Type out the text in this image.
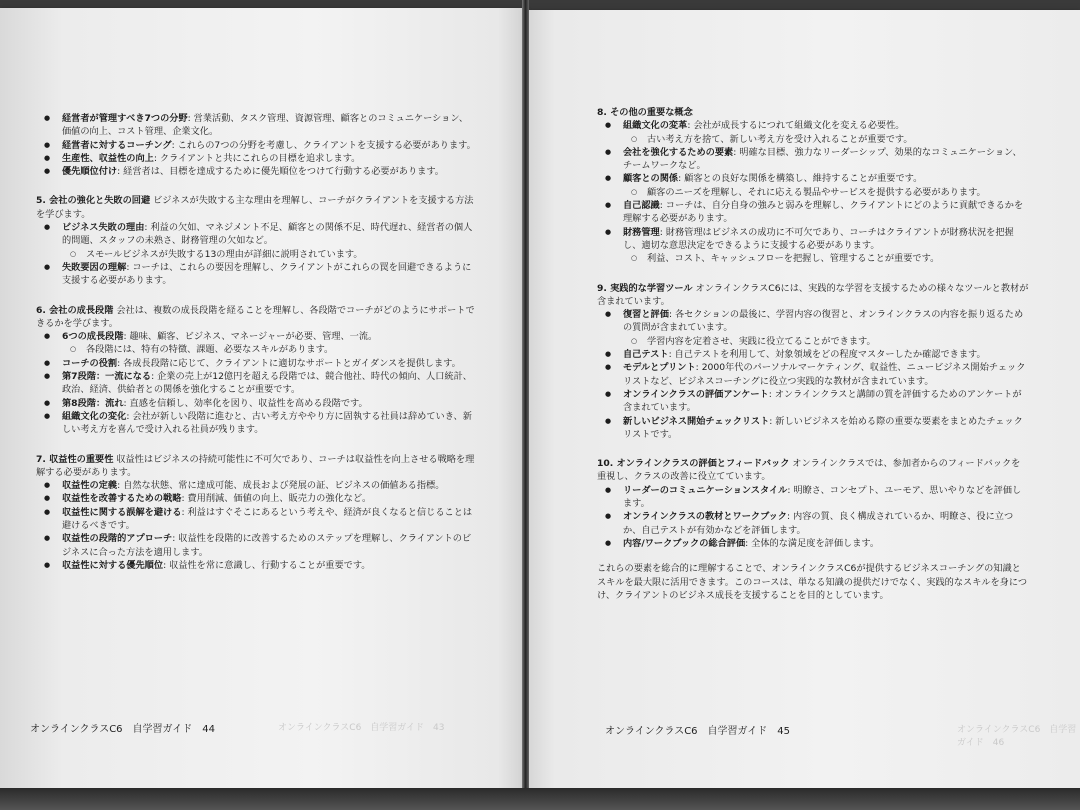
● 経営者が管理すべき7つの分野: 営業活動、タスク管理、資源管理、顧客とのコミュニケーション、価値の向上、コスト管理、企業文化。
● 経営者に対するコーチング: これらの7つの分野を考慮し、クライアントを支援する必要があります。
● 生産性、収益性の向上: クライアントと共にこれらの目標を追求します。
● 優先順位付け: 経営者は、目標を達成するために優先順位をつけて行動する必要があります。
5. 会社の強化と失敗の回避 ビジネスが失敗する主な理由を理解し、コーチがクライアントを支援する方法を学びます。
● ビジネス失敗の理由: 利益の欠如、マネジメント不足、顧客との関係不足、時代遅れ、経営者の個人的問題、スタッフの未熟さ、財務管理の欠如など。
○ スモールビジネスが失敗する13の理由が詳細に説明されています。
● 失敗要因の理解: コーチは、これらの要因を理解し、クライアントがこれらの罠を回避できるように支援する必要があります。
6. 会社の成長段階 会社は、複数の成長段階を経ることを理解し、各段階でコーチがどのようにサポートできるかを学びます。
● 6つの成長段階: 趣味、顧客、ビジネス、マネージャーが必要、管理、一流。
○ 各段階には、特有の特徴、課題、必要なスキルがあります。
● コーチの役割: 各成長段階に応じて、クライアントに適切なサポートとガイダンスを提供します。
● 第7段階：一流になる: 企業の売上が12億円を超える段階では、競合他社、時代の傾向、人口統計、政治、経済、供給者との関係を強化することが重要です。
● 第8段階：流れ: 直感を信頼し、効率化を図り、収益性を高める段階です。
● 組織文化の変化: 会社が新しい段階に進むと、古い考え方ややり方に固執する社員は辞めていき、新しい考え方を喜んで受け入れる社員が残ります。
7. 収益性の重要性 収益性はビジネスの持続可能性に不可欠であり、コーチは収益性を向上させる戦略を理解する必要があります。
● 収益性の定義: 自然な状態、常に達成可能、成長および発展の証、ビジネスの価値ある指標。
● 収益性を改善するための戦略: 費用削減、価値の向上、販売力の強化など。
● 収益性に関する誤解を避ける: 利益はすぐそこにあるという考えや、経済が良くなると信じることは避けるべきです。
● 収益性の段階的アプローチ: 収益性を段階的に改善するためのステップを理解し、クライアントのビジネスに合った方法を適用します。
● 収益性に対する優先順位: 収益性を常に意識し、行動することが重要です。
オンラインクラスC6　自学習ガイド　43
オンラインクラスC6　自学習ガイド　44
8. その他の重要な概念
● 組織文化の変革: 会社が成長するにつれて組織文化を変える必要性。
○ 古い考え方を捨て、新しい考え方を受け入れることが重要です。
● 会社を強化するための要素: 明確な目標、強力なリーダーシップ、効果的なコミュニケーション、チームワークなど。
● 顧客との関係: 顧客との良好な関係を構築し、維持することが重要です。
○ 顧客のニーズを理解し、それに応える製品やサービスを提供する必要があります。
● 自己認識: コーチは、自分自身の強みと弱みを理解し、クライアントにどのように貢献できるかを理解する必要があります。
● 財務管理: 財務管理はビジネスの成功に不可欠であり、コーチはクライアントが財務状況を把握し、適切な意思決定をできるように支援する必要があります。
○ 利益、コスト、キャッシュフローを把握し、管理することが重要です。
9. 実践的な学習ツール オンラインクラスC6には、実践的な学習を支援するための様々なツールと教材が含まれています。
● 復習と評価: 各セクションの最後に、学習内容の復習と、オンラインクラスの内容を振り返るための質問が含まれています。
○ 学習内容を定着させ、実践に役立てることができます。
● 自己テスト: 自己テストを利用して、対象領域をどの程度マスターしたか確認できます。
● モデルとプリント: 2000年代のパーソナルマーケティング、収益性、ニュービジネス開始チェックリストなど、ビジネスコーチングに役立つ実践的な教材が含まれています。
● オンラインクラスの評価アンケート: オンラインクラスと講師の質を評価するためのアンケートが含まれています。
● 新しいビジネス開始チェックリスト: 新しいビジネスを始める際の重要な要素をまとめたチェックリストです。
10. オンラインクラスの評価とフィードバック オンラインクラスでは、参加者からのフィードバックを重視し、クラスの改善に役立てています。
● リーダーのコミュニケーションスタイル: 明瞭さ、コンセプト、ユーモア、思いやりなどを評価します。
● オンラインクラスの教材とワークブック: 内容の質、良く構成されているか、明瞭さ、役に立つか、自己テストが有効かなどを評価します。
● 内容/ワークブックの総合評価: 全体的な満足度を評価します。
これらの要素を総合的に理解することで、オンラインクラスC6が提供するビジネスコーチングの知識とスキルを最大限に活用できます。このコースは、単なる知識の提供だけでなく、実践的なスキルを身につけ、クライアントのビジネス成長を支援することを目的としています。
オンラインクラスC6　自学習ガイド　46
オンラインクラスC6　自学習ガイド　45
